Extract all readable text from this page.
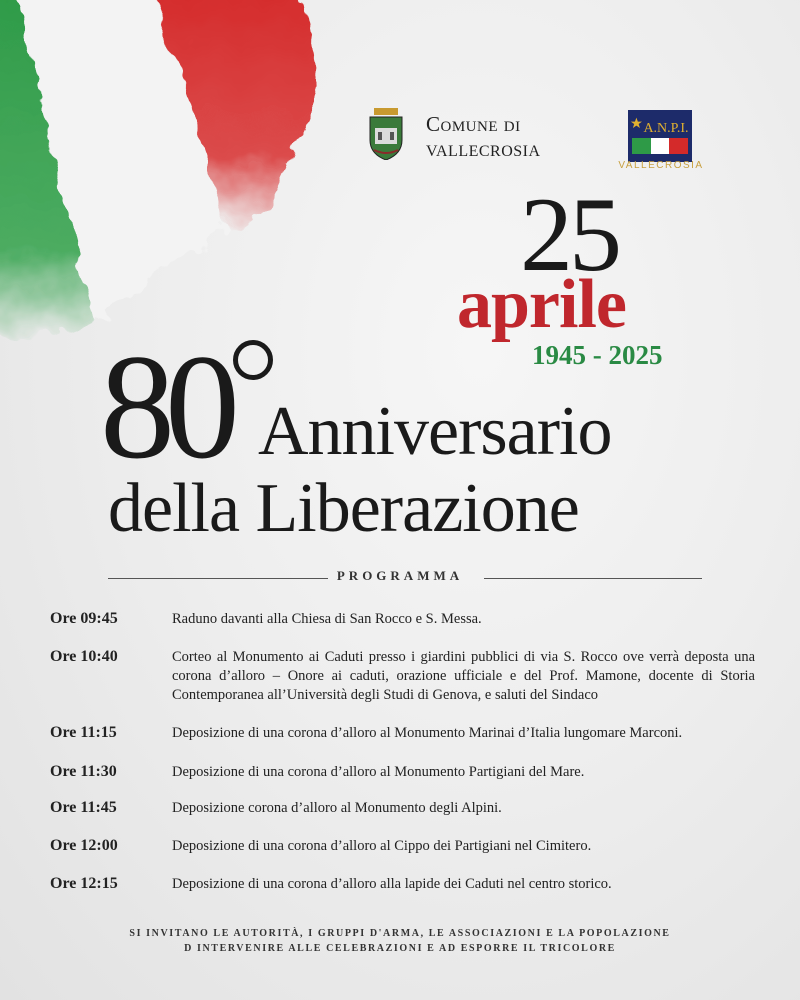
Comune di
vallecrosia
A.N.P.I.
VALLECROSIA
25
aprile
1945 - 2025
80 Anniversario
della Liberazione
PROGRAMMA
Ore 09:45	Raduno davanti alla Chiesa di San Rocco e S. Messa.
Ore 10:40	Corteo al Monumento ai Caduti presso i giardini pubblici di via S. Rocco ove verrà deposta una corona d’alloro – Onore ai caduti, orazione ufficiale e del Prof. Mamone, docente di Storia Contemporanea all’Università degli Studi di Genova, e saluti del Sindaco
Ore 11:15	Deposizione di una corona d’alloro al Monumento Marinai d’Italia lungomare Marconi.
Ore 11:30	Deposizione di una corona d’alloro al Monumento Partigiani del Mare.
Ore 11:45	Deposizione corona d’alloro al Monumento degli Alpini.
Ore 12:00	Deposizione di una corona d’alloro al Cippo dei Partigiani nel Cimitero.
Ore 12:15	Deposizione di una corona d’alloro alla lapide dei Caduti nel centro storico.
SI INVITANO LE AUTORITÀ, I GRUPPI D'ARMA, LE ASSOCIAZIONI E LA POPOLAZIONE
D INTERVENIRE ALLE CELEBRAZIONI E AD ESPORRE IL TRICOLORE
